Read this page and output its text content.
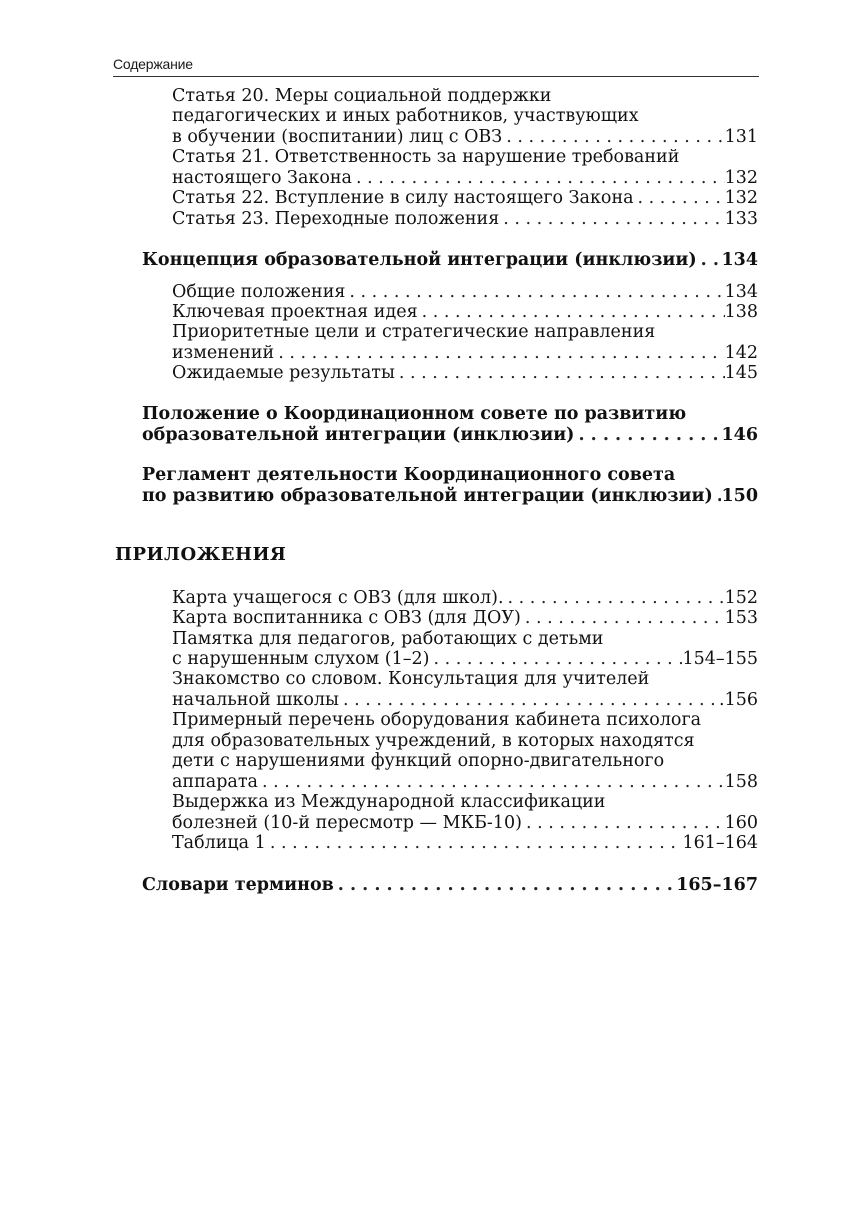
Содержание
Статья 20. Меры социальной поддержки
педагогических и иных работников, участвующих
в обучении (воспитании) лиц с ОВЗ . . .	131
Статья 21. Ответственность за нарушение требований
настоящего Закона . . .	132
Статья 22. Вступление в силу настоящего Закона . . .	132
Статья 23. Переходные положения . . .	133
Концепция образовательной интеграции (инклюзии) . . . 134
Общие положения . . .	134
Ключевая проектная идея . . .	138
Приоритетные цели и стратегические направления
изменений . . .	142
Ожидаемые результаты . . .	145
Положение о Координационном совете по развитию
образовательной интеграции (инклюзии) . . .	146
Регламент деятельности Координационного совета
по развитию образовательной интеграции (инклюзии) . . . 150
ПРИЛОЖЕНИЯ
Карта учащегося с ОВЗ (для школ). . . .	152
Карта воспитанника с ОВЗ (для ДОУ) . . .	153
Памятка для педагогов, работающих с детьми
с нарушенным слухом (1–2) . . .	154–155
Знакомство со словом. Консультация для учителей
начальной школы . . .	.156
Примерный перечень оборудования кабинета психолога
для образовательных учреждений, в которых находятся
дети с нарушениями функций опорно-двигательного
аппарата . . .	158
Выдержка из Международной классификации
болезней (10-й пересмотр — МКБ-10) . . .	160
Таблица 1 . . .	161–164
Словари терминов . . .	165–167
